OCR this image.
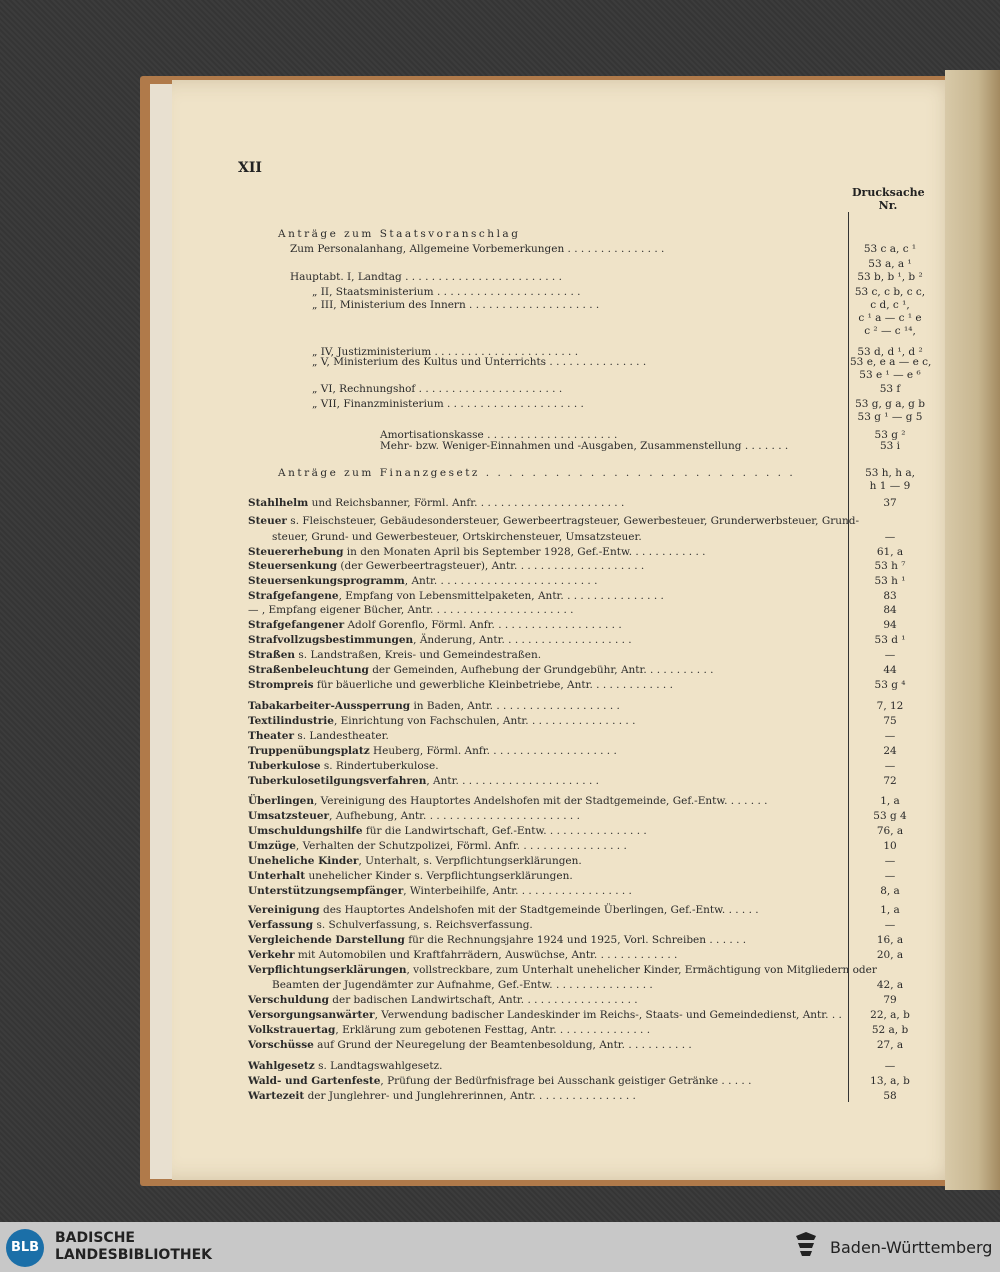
XII
Drucksache
Nr.
Anträge zum Staatsvoranschlag
Zum Personalanhang, Allgemeine Vorbemerkungen . . . . . . . . . . . . . . .	53 c a, c ¹
53 a, a ¹
Hauptabt. I, Landtag . . . . . . . . . . . . . . . . . . . . . . . .	53 b, b ¹, b ²
„ II, Staatsministerium . . . . . . . . . . . . . . . . . . . . . .	53 c, c b, c c,
„ III, Ministerium des Innern . . . . . . . . . . . . . . . . . . . .	c d, c ¹,
c ¹ a — c ¹ e
c ² — c ¹⁴,
„ IV, Justizministerium . . . . . . . . . . . . . . . . . . . . . .	53 d, d ¹, d ²
„ V, Ministerium des Kultus und Unterrichts . . . . . . . . . . . . . . .	53 e, e a — e c,
53 e ¹ — e ⁶
„ VI, Rechnungshof . . . . . . . . . . . . . . . . . . . . . .	53 f
„ VII, Finanzministerium . . . . . . . . . . . . . . . . . . . . .	53 g, g a, g b
53 g ¹ — g 5
Amortisationskasse . . . . . . . . . . . . . . . . . . . .	53 g ²
Mehr- bzw. Weniger-Einnahmen und -Ausgaben, Zusammenstellung . . . . . . .	53 i
Anträge zum Finanzgesetz . . . . . . . . . . . . . . . . . . . . . . . . . . .	53 h, h a,
h 1 — 9
Stahlhelm und Reichsbanner, Förml. Anfr. . . . . . . . . . . . . . . . . . . . . . .	37
Steuer s. Fleischsteuer, Gebäudesondersteuer, Gewerbeertragsteuer, Gewerbesteuer, Grunderwerbsteuer, Grund-
steuer, Grund- und Gewerbesteuer, Ortskirchensteuer, Umsatzsteuer.	—
Steuererhebung in den Monaten April bis September 1928, Gef.-Entw. . . . . . . . . . . .	61, a
Steuersenkung (der Gewerbeertragsteuer), Antr. . . . . . . . . . . . . . . . . . . .	53 h ⁷
Steuersenkungsprogramm, Antr. . . . . . . . . . . . . . . . . . . . . . . . .	53 h ¹
Strafgefangene, Empfang von Lebensmittelpaketen, Antr. . . . . . . . . . . . . . . .	83
— , Empfang eigener Bücher, Antr. . . . . . . . . . . . . . . . . . . . . .	84
Strafgefangener Adolf Gorenflo, Förml. Anfr. . . . . . . . . . . . . . . . . . . .	94
Strafvollzugsbestimmungen, Änderung, Antr. . . . . . . . . . . . . . . . . . . .	53 d ¹
Straßen s. Landstraßen, Kreis- und Gemeindestraßen.	—
Straßenbeleuchtung der Gemeinden, Aufhebung der Grundgebühr, Antr. . . . . . . . . . .	44
Strompreis für bäuerliche und gewerbliche Kleinbetriebe, Antr. . . . . . . . . . . . .	53 g ⁴
Tabakarbeiter-Aussperrung in Baden, Antr. . . . . . . . . . . . . . . . . . . .	7, 12
Textilindustrie, Einrichtung von Fachschulen, Antr. . . . . . . . . . . . . . . . .	75
Theater s. Landestheater.	—
Truppenübungsplatz Heuberg, Förml. Anfr. . . . . . . . . . . . . . . . . . . .	24
Tuberkulose s. Rindertuberkulose.	—
Tuberkulosetilgungsverfahren, Antr. . . . . . . . . . . . . . . . . . . . . .	72
Überlingen, Vereinigung des Hauptortes Andelshofen mit der Stadtgemeinde, Gef.-Entw. . . . . . .	1, a
Umsatzsteuer, Aufhebung, Antr. . . . . . . . . . . . . . . . . . . . . . . .	53 g 4
Umschuldungshilfe für die Landwirtschaft, Gef.-Entw. . . . . . . . . . . . . . . .	76, a
Umzüge, Verhalten der Schutzpolizei, Förml. Anfr. . . . . . . . . . . . . . . . .	10
Uneheliche Kinder, Unterhalt, s. Verpflichtungserklärungen.	—
Unterhalt unehelicher Kinder s. Verpflichtungserklärungen.	—
Unterstützungsempfänger, Winterbeihilfe, Antr. . . . . . . . . . . . . . . . . .	8, a
Vereinigung des Hauptortes Andelshofen mit der Stadtgemeinde Überlingen, Gef.-Entw. . . . . .	1, a
Verfassung s. Schulverfassung, s. Reichsverfassung.	—
Vergleichende Darstellung für die Rechnungsjahre 1924 und 1925, Vorl. Schreiben . . . . . .	16, a
Verkehr mit Automobilen und Kraftfahrrädern, Auswüchse, Antr. . . . . . . . . . . . .	20, a
Verpflichtungserklärungen, vollstreckbare, zum Unterhalt unehelicher Kinder, Ermächtigung von Mitgliedern oder
Beamten der Jugendämter zur Aufnahme, Gef.-Entw. . . . . . . . . . . . . . . .	42, a
Verschuldung der badischen Landwirtschaft, Antr. . . . . . . . . . . . . . . . . .	79
Versorgungsanwärter, Verwendung badischer Landeskinder im Reichs-, Staats- und Gemeindedienst, Antr. . .	22, a, b
Volkstrauertag, Erklärung zum gebotenen Festtag, Antr. . . . . . . . . . . . . . .	52 a, b
Vorschüsse auf Grund der Neuregelung der Beamtenbesoldung, Antr. . . . . . . . . . .	27, a
Wahlgesetz s. Landtagswahlgesetz.	—
Wald- und Gartenfeste, Prüfung der Bedürfnisfrage bei Ausschank geistiger Getränke . . . . .	13, a, b
Wartezeit der Junglehrer- und Junglehrerinnen, Antr. . . . . . . . . . . . . . . .	58
BLB
BADISCHE
LANDESBIBLIOTHEK	Baden-Württemberg
